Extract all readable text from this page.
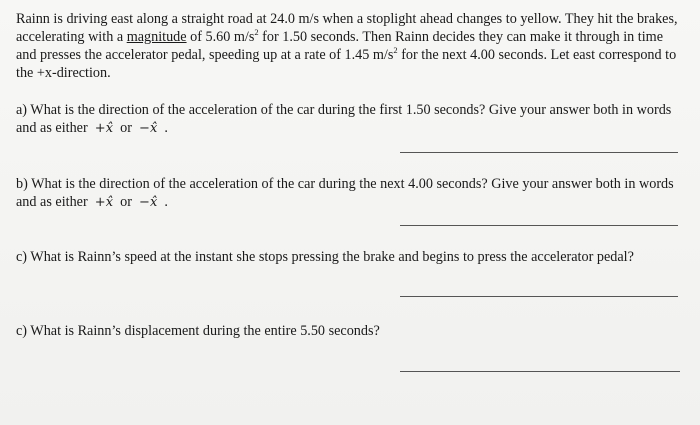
Rainn is driving east along a straight road at 24.0 m/s when a stoplight ahead changes to yellow. They hit the brakes, accelerating with a magnitude of 5.60 $m/s^2$ for 1.50 seconds. Then Rainn decides they can make it through in time and presses the accelerator pedal, speeding up at a rate of 1.45 $m/s^2$ for the next 4.00 seconds. Let east correspond to the +x-direction.
a) What is the direction of the acceleration of the car during the first 1.50 seconds? Give your answer both in words and as either +x̂ or −x̂ .
b) What is the direction of the acceleration of the car during the next 4.00 seconds? Give your answer both in words and as either +x̂ or −x̂ .
c) What is Rainn’s speed at the instant she stops pressing the brake and begins to press the accelerator pedal?
c) What is Rainn’s displacement during the entire 5.50 seconds?
